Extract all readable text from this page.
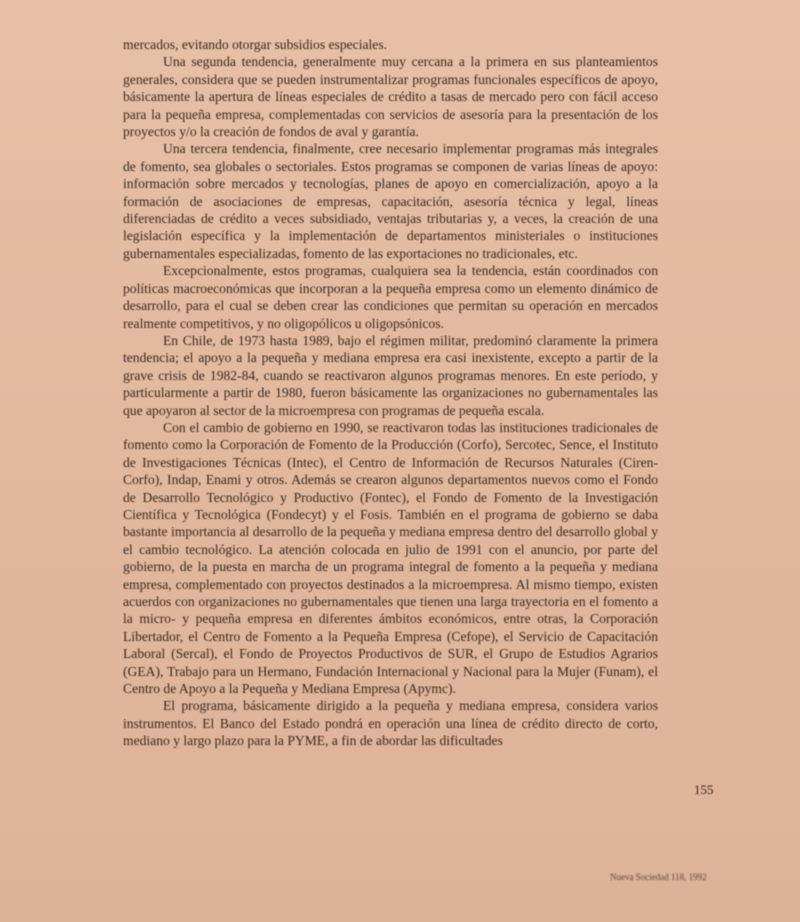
mercados, evitando otorgar subsidios especiales.

Una segunda tendencia, generalmente muy cercana a la primera en sus planteamientos generales, considera que se pueden instrumentalizar programas funcionales específicos de apoyo, básicamente la apertura de líneas especiales de crédito a tasas de mercado pero con fácil acceso para la pequeña empresa, complementadas con servicios de asesoría para la presentación de los proyectos y/o la creación de fondos de aval y garantía.

Una tercera tendencia, finalmente, cree necesario implementar programas más integrales de fomento, sea globales o sectoriales. Estos programas se componen de varias líneas de apoyo: información sobre mercados y tecnologías, planes de apoyo en comercialización, apoyo a la formación de asociaciones de empresas, capacitación, asesoría técnica y legal, líneas diferenciadas de crédito a veces subsidiado, ventajas tributarias y, a veces, la creación de una legislación específica y la implementación de departamentos ministeriales o instituciones gubernamentales especializadas, fomento de las exportaciones no tradicionales, etc.

Excepcionalmente, estos programas, cualquiera sea la tendencia, están coordinados con políticas macroeconómicas que incorporan a la pequeña empresa como un elemento dinámico de desarrollo, para el cual se deben crear las condiciones que permitan su operación en mercados realmente competitivos, y no oligopólicos u oligopsónicos.

En Chile, de 1973 hasta 1989, bajo el régimen militar, predominó claramente la primera tendencia; el apoyo a la pequeña y mediana empresa era casi inexistente, excepto a partir de la grave crisis de 1982-84, cuando se reactivaron algunos programas menores. En este período, y particularmente a partir de 1980, fueron básicamente las organizaciones no gubernamentales las que apoyaron al sector de la microempresa con programas de pequeña escala.

Con el cambio de gobierno en 1990, se reactivaron todas las instituciones tradicionales de fomento como la Corporación de Fomento de la Producción (Corfo), Sercotec, Sence, el Instituto de Investigaciones Técnicas (Intec), el Centro de Información de Recursos Naturales (Ciren-Corfo), Indap, Enami y otros. Además se crearon algunos departamentos nuevos como el Fondo de Desarrollo Tecnológico y Productivo (Fontec), el Fondo de Fomento de la Investigación Científica y Tecnológica (Fondecyt) y el Fosis. También en el programa de gobierno se daba bastante importancia al desarrollo de la pequeña y mediana empresa dentro del desarrollo global y el cambio tecnológico. La atención colocada en julio de 1991 con el anuncio, por parte del gobierno, de la puesta en marcha de un programa integral de fomento a la pequeña y mediana empresa, complementado con proyectos destinados a la microempresa. Al mismo tiempo, existen acuerdos con organizaciones no gubernamentales que tienen una larga trayectoria en el fomento a la micro- y pequeña empresa en diferentes ámbitos económicos, entre otras, la Corporación Libertador, el Centro de Fomento a la Pequeña Empresa (Cefope), el Servicio de Capacitación Laboral (Sercal), el Fondo de Proyectos Productivos de SUR, el Grupo de Estudios Agrarios (GEA), Trabajo para un Hermano, Fundación Internacional y Nacional para la Mujer (Funam), el Centro de Apoyo a la Pequeña y Mediana Empresa (Apymc).

El programa, básicamente dirigido a la pequeña y mediana empresa, considera varios instrumentos. El Banco del Estado pondrá en operación una línea de crédito directo de corto, mediano y largo plazo para la PYME, a fin de abordar las dificultades

155
Nueva Sociedad 118, 1992
